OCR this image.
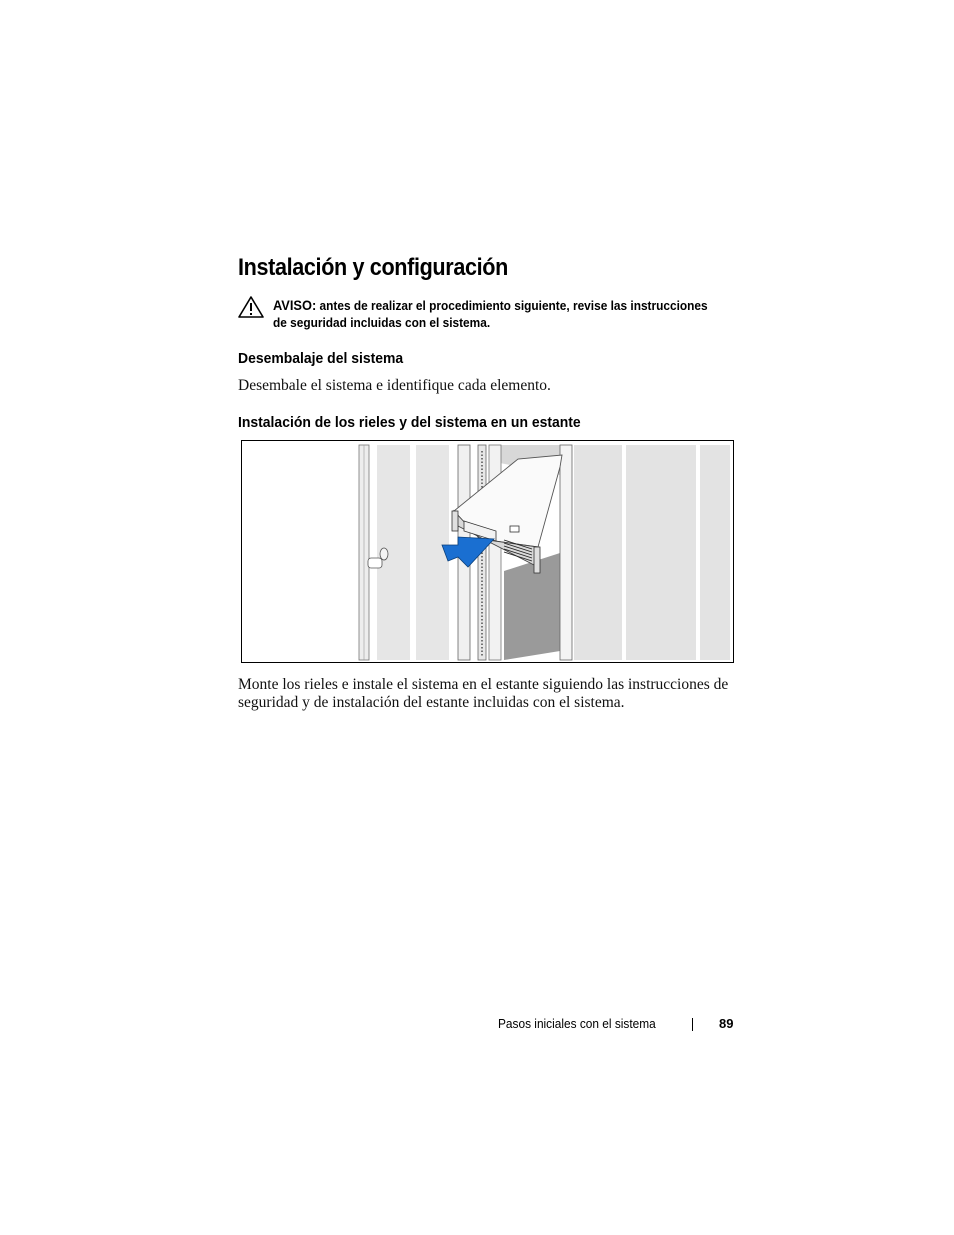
Instalación y configuración
AVISO: antes de realizar el procedimiento siguiente, revise las instrucciones de seguridad incluidas con el sistema.
Desembalaje del sistema
Desembale el sistema e identifique cada elemento.
Instalación de los rieles y del sistema en un estante
Monte los rieles e instale el sistema en el estante siguiendo las instrucciones de seguridad y de instalación del estante incluidas con el sistema.
Pasos iniciales con el sistema	89
